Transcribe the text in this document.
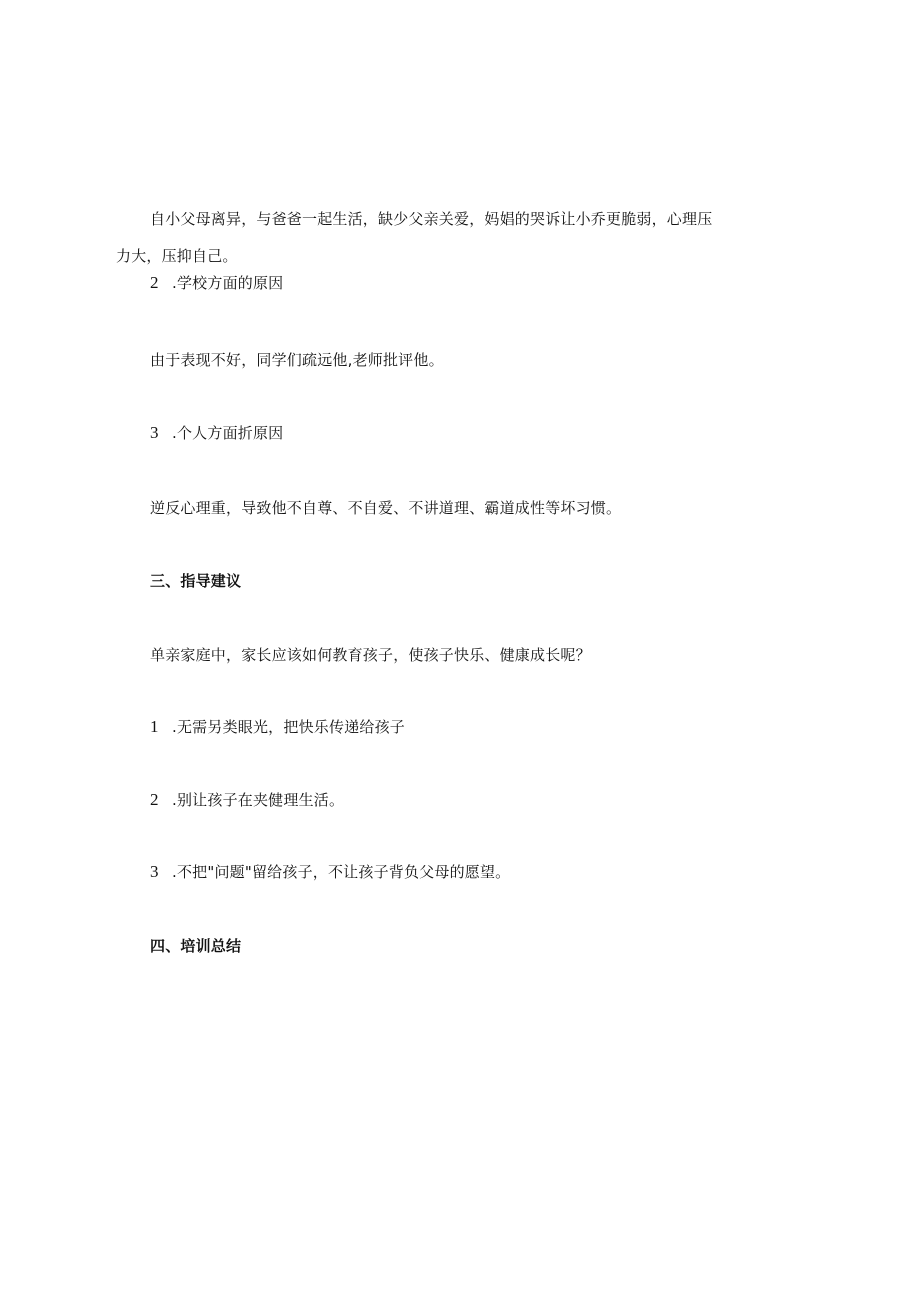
自小父母离异，与爸爸一起生活，缺少父亲关爱，妈娼的哭诉让小乔更脆弱，心理压
力大，压抑自己。
2 .学校方面的原因
由于表现不好，同学们疏远他,老师批评他。
3 .个人方面折原因
逆反心理重，导致他不自尊、不自爱、不讲道理、霸道成性等坏习惯。
三、指导建议
单亲家庭中，家长应该如何教育孩子，使孩子快乐、健康成长呢？
1 .无需另类眼光，把快乐传递给孩子
2 .别让孩子在夹健理生活。
3 .不把"问题"留给孩子，不让孩子背负父母的愿望。
四、培训总结
